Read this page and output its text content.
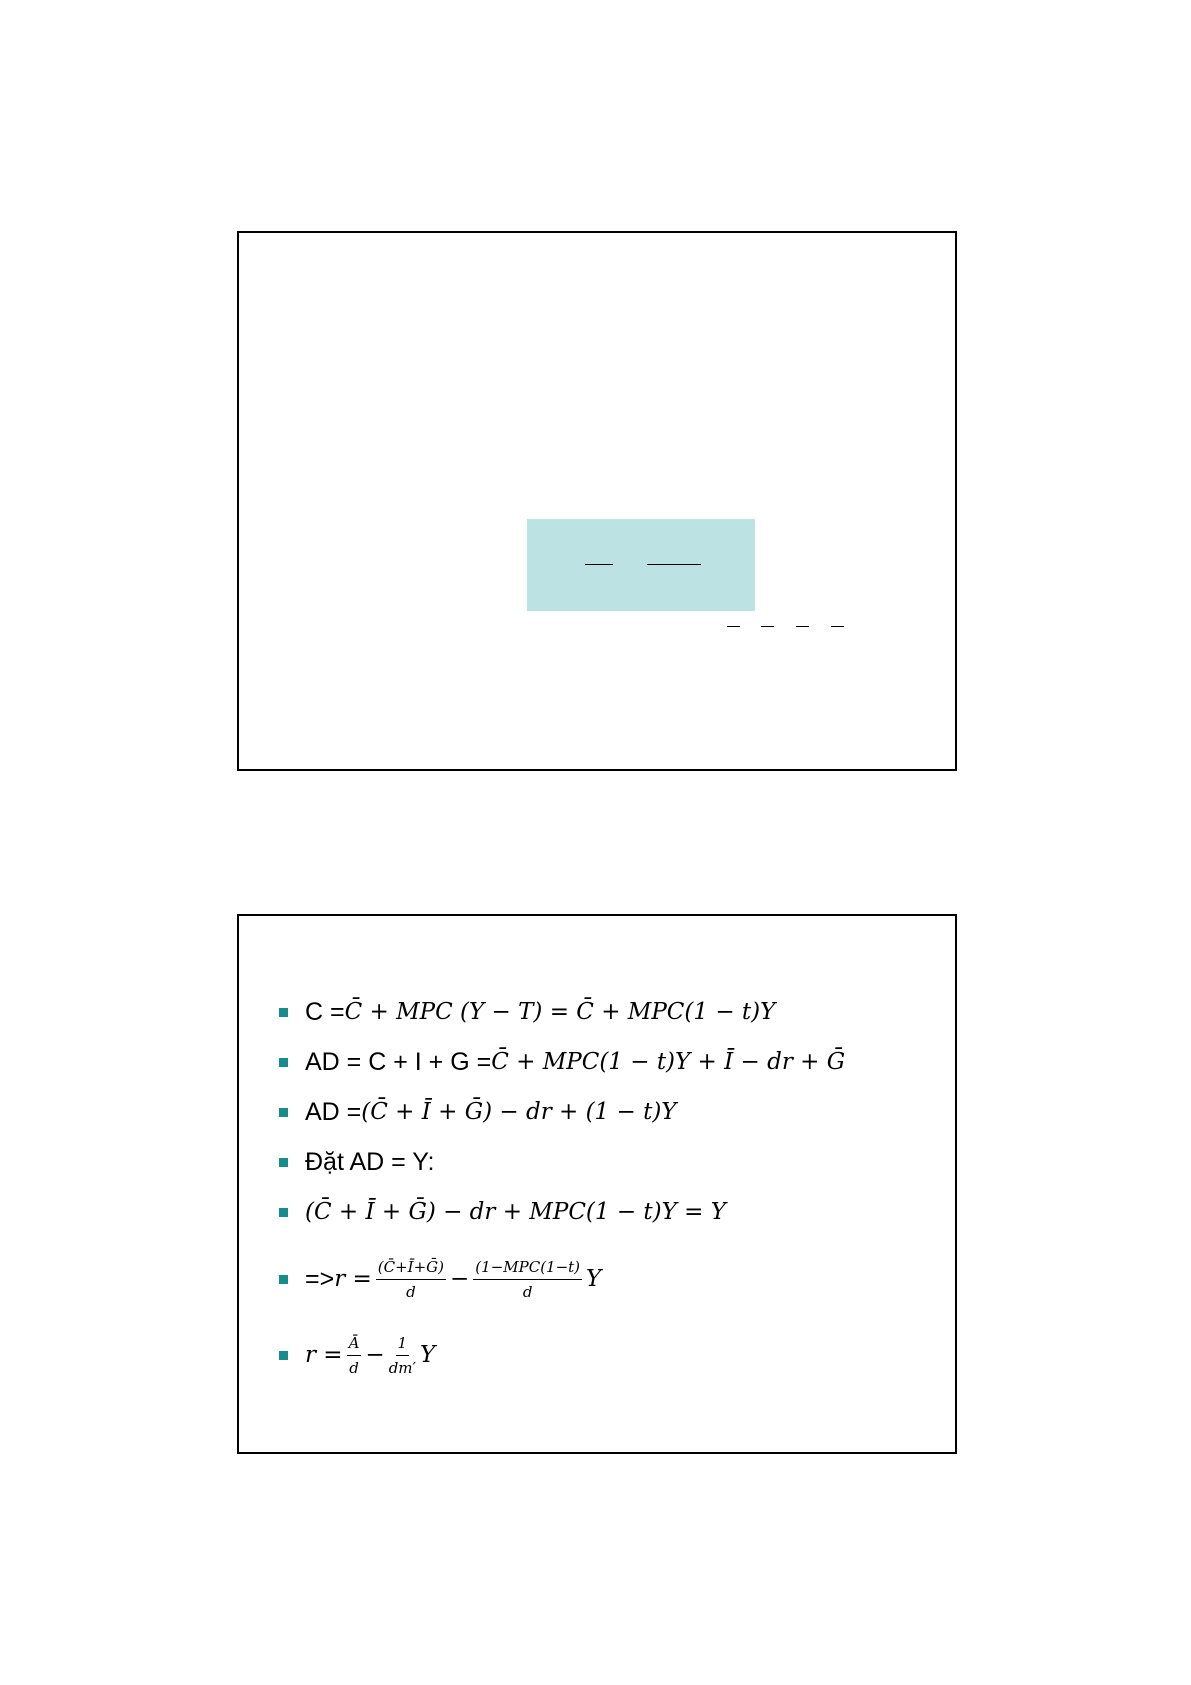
C = C̄ + MPC (Y − T) = C̄ + MPC(1 − t)Y
AD = C + I + G = C̄ + MPC(1 − t)Y + Ī − dr + Ḡ
AD = (C̄ + Ī + Ḡ) − dr + (1 − t)Y
Đặt AD = Y:
(C̄ + Ī + Ḡ) − dr + MPC(1 − t)Y = Y
=> $r = \frac{\text{(C̄+Ī+Ḡ)}}{d} - \frac{\text{(1−MPC(1−t)}}{d}$ Y
$r = \frac{Ā}{d} - \frac{1}{dm'}$ Y
